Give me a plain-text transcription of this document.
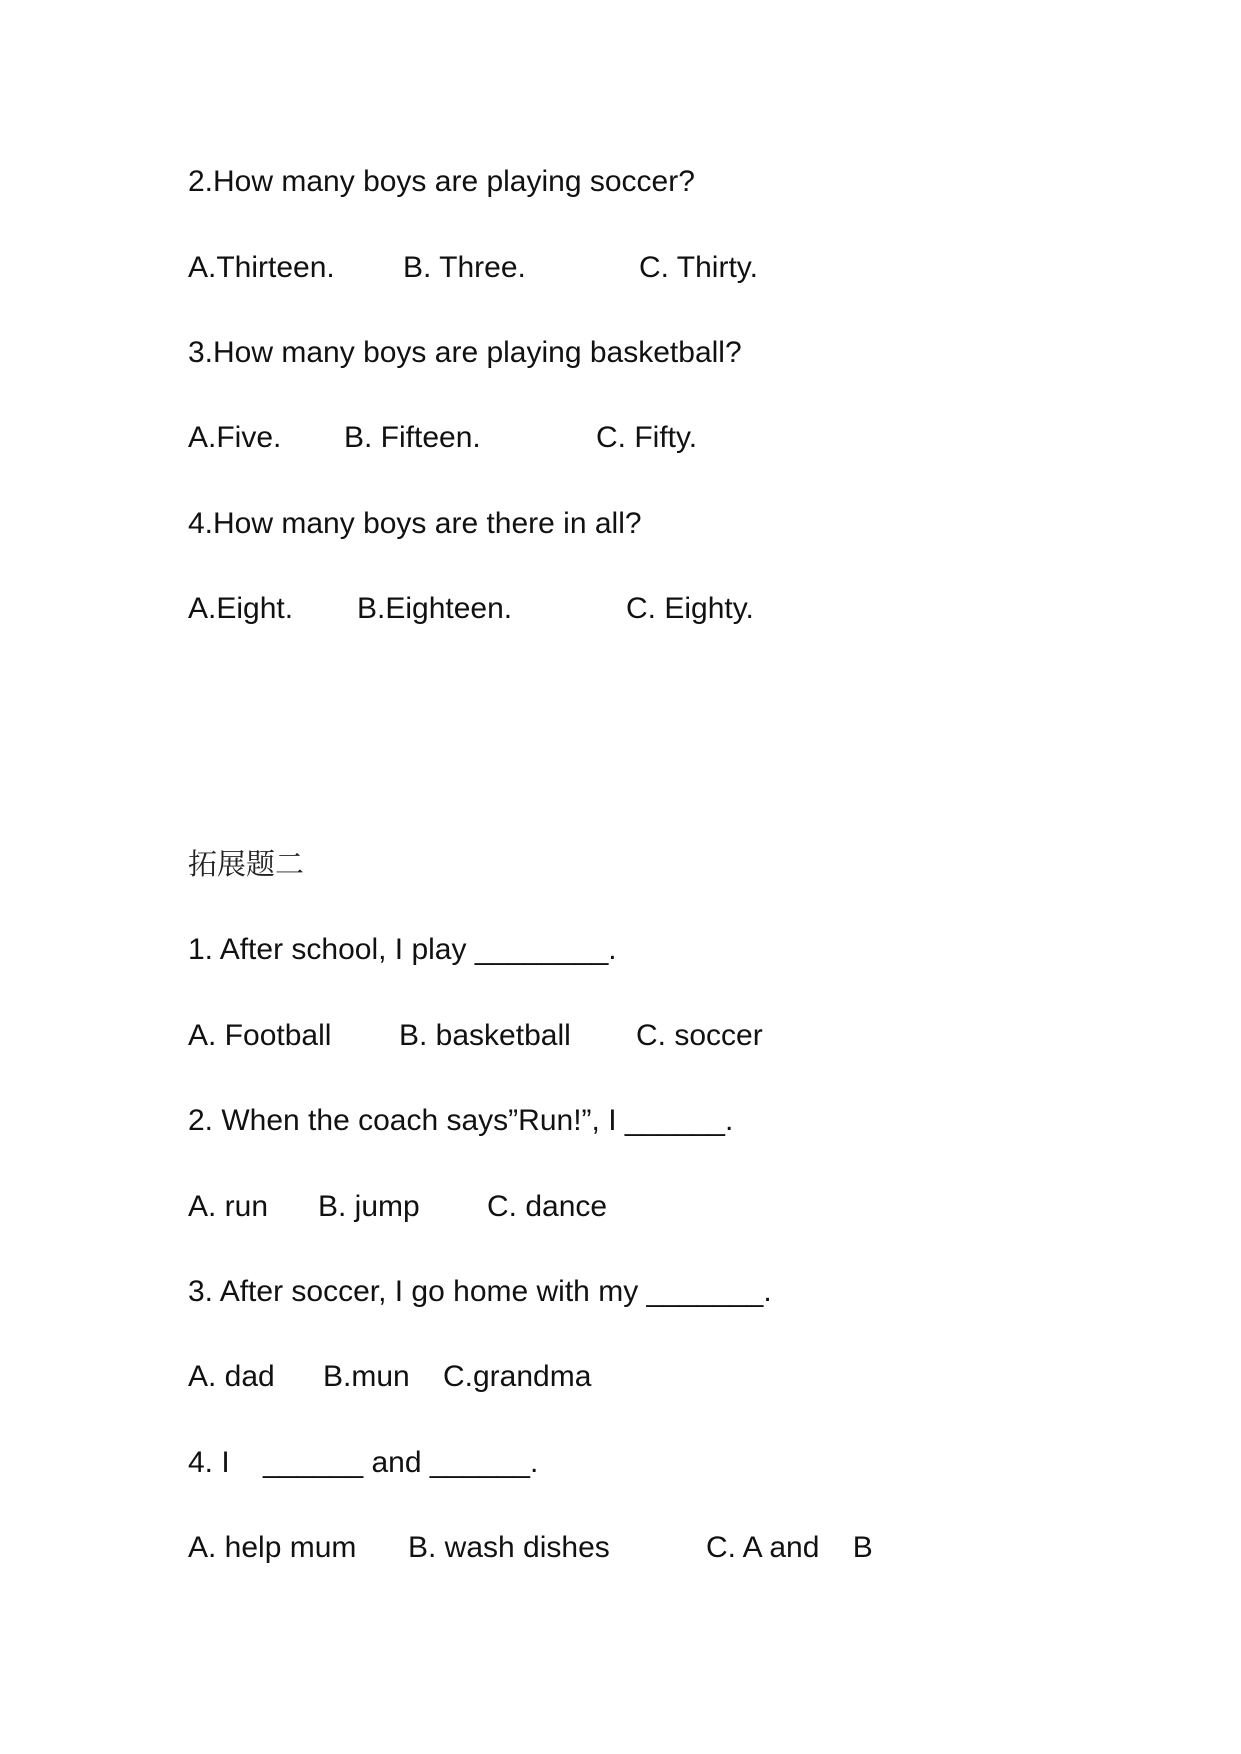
2.How many boys are playing soccer?
A.Thirteen. B. Three.	C. Thirty.
3.How many boys are playing basketball?
A.Five. B. Fifteen.	C. Fifty.
4.How many boys are there in all?
A.Eight. B.Eighteen.	C. Eighty.
拓展题二
1. After school, I play ________.
A. Football B. basketball C. soccer
2. When the coach says”Run!”, I ______.
A. run B. jump C. dance
3. After soccer, I go home with my _______.
A. dad B.mun C.grandma
4. I    ______ and ______.
A. help mum B. wash dishes	C. A and    B
